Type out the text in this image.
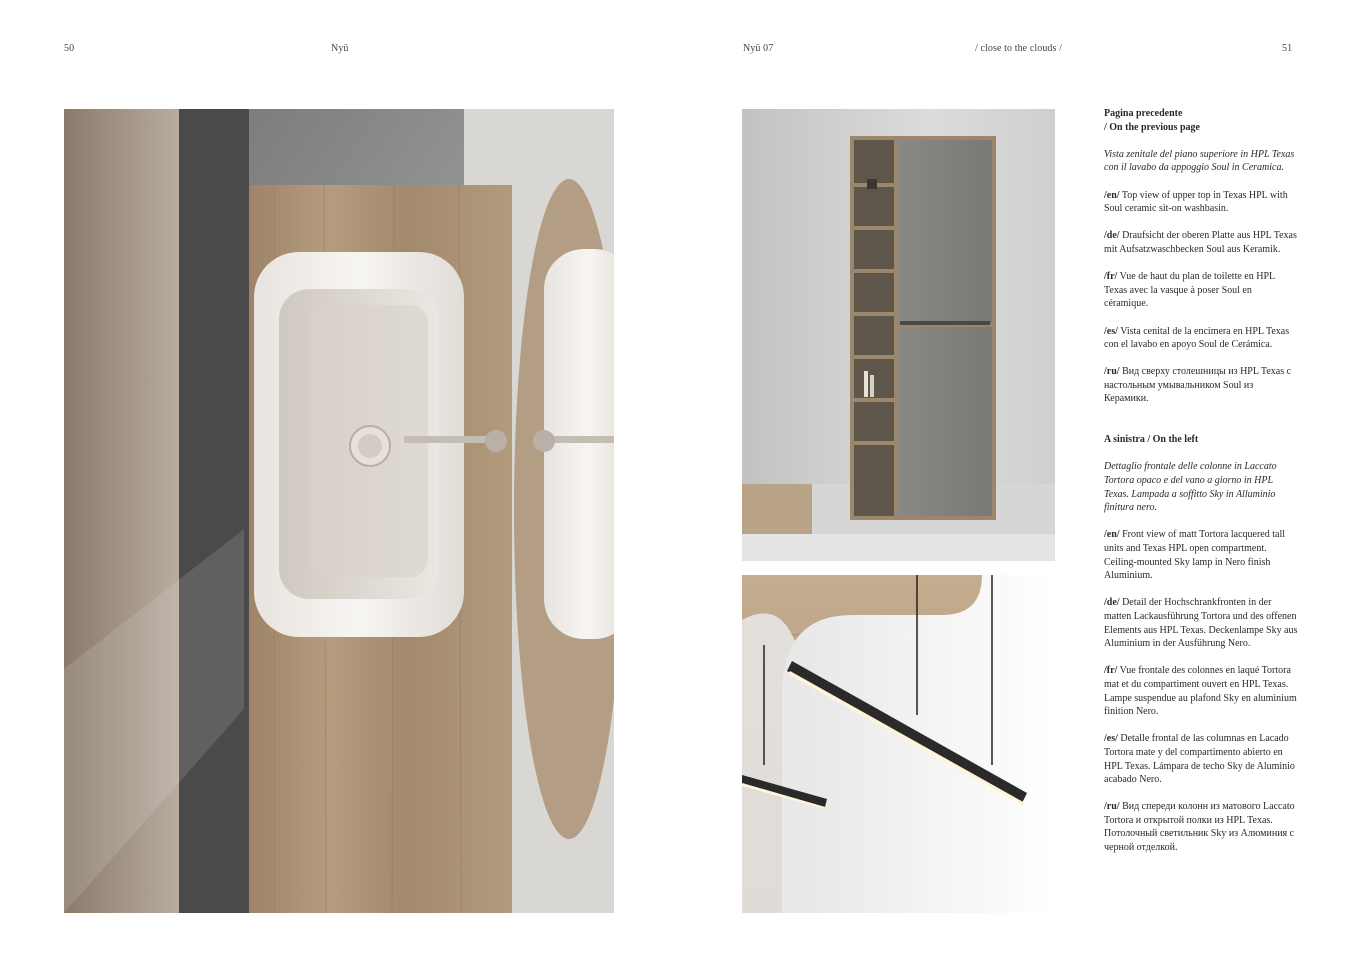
50	Nyü	Nyü 07	/ close to the clouds /	51
Pagina precedente
/ On the previous page

Vista zenitale del piano superiore in HPL Texas con il lavabo da appoggio Soul in Ceramica.

/en/ Top view of upper top in Texas HPL with Soul ceramic sit-on washbasin.

/de/ Draufsicht der oberen Platte aus HPL Texas mit Aufsatzwaschbecken Soul aus Keramik.

/fr/ Vue de haut du plan de toilette en HPL Texas avec la vasque à poser Soul en céramique.

/es/ Vista cenital de la encimera en HPL Texas con el lavabo en apoyo Soul de Cerámica.

/ru/ Вид сверху столешницы из HPL Texas с настольным умывальником Soul из Керамики.

A sinistra / On the left

Dettaglio frontale delle colonne in Laccato Tortora opaco e del vano a giorno in HPL Texas. Lampada a soffitto Sky in Alluminio finitura nero.

/en/ Front view of matt Tortora lacquered tall units and Texas HPL open compartment. Ceiling-mounted Sky lamp in Nero finish Aluminium.

/de/ Detail der Hochschrankfronten in der matten Lackausführung Tortora und des offenen Elements aus HPL Texas. Deckenlampe Sky aus Aluminium in der Ausführung Nero.

/fr/ Vue frontale des colonnes en laqué Tortora mat et du compartiment ouvert en HPL Texas. Lampe suspendue au plafond Sky en aluminium finition Nero.

/es/ Detalle frontal de las columnas en Lacado Tortora mate y del compartimento abierto en HPL Texas. Lámpara de techo Sky de Aluminio acabado Nero.

/ru/ Вид спереди колонн из матового Laccato Tortora и открытой полки из HPL Texas. Потолочный светильник Sky из Алюминия с черной отделкой.
